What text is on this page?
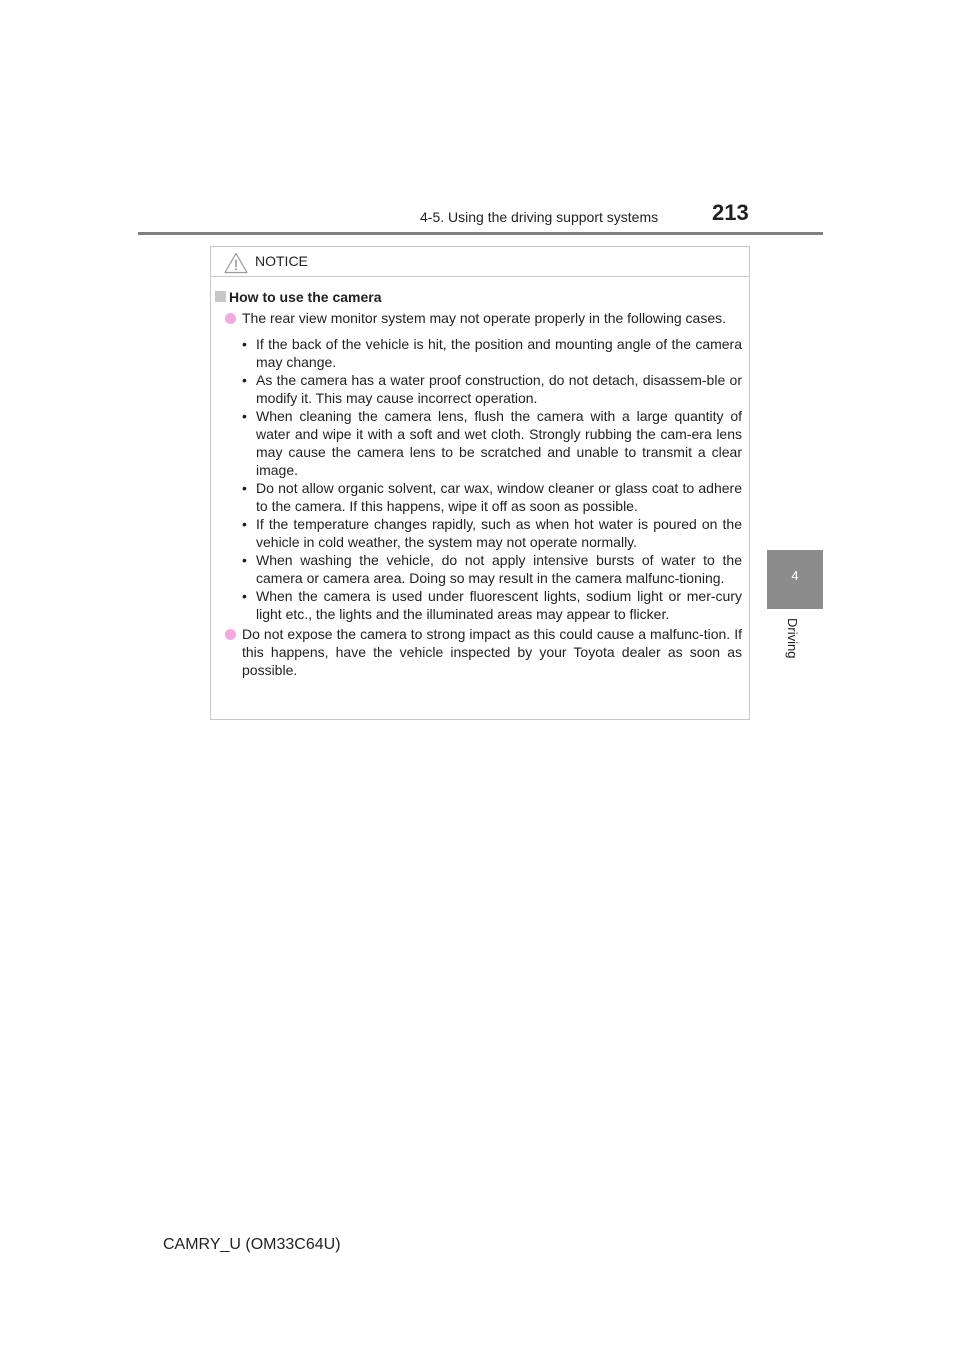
4-5. Using the driving support systems 213
4
Driving
NOTICE
How to use the camera
The rear view monitor system may not operate properly in the following cases.
• If the back of the vehicle is hit, the position and mounting angle of the camera may change.
• As the camera has a water proof construction, do not detach, disassem-ble or modify it. This may cause incorrect operation.
• When cleaning the camera lens, flush the camera with a large quantity of water and wipe it with a soft and wet cloth. Strongly rubbing the cam-era lens may cause the camera lens to be scratched and unable to transmit a clear image.
• Do not allow organic solvent, car wax, window cleaner or glass coat to adhere to the camera. If this happens, wipe it off as soon as possible.
• If the temperature changes rapidly, such as when hot water is poured on the vehicle in cold weather, the system may not operate normally.
• When washing the vehicle, do not apply intensive bursts of water to the camera or camera area. Doing so may result in the camera malfunc-tioning.
• When the camera is used under fluorescent lights, sodium light or mer-cury light etc., the lights and the illuminated areas may appear to flicker.
Do not expose the camera to strong impact as this could cause a malfunc-tion. If this happens, have the vehicle inspected by your Toyota dealer as soon as possible.
CAMRY_U (OM33C64U)
